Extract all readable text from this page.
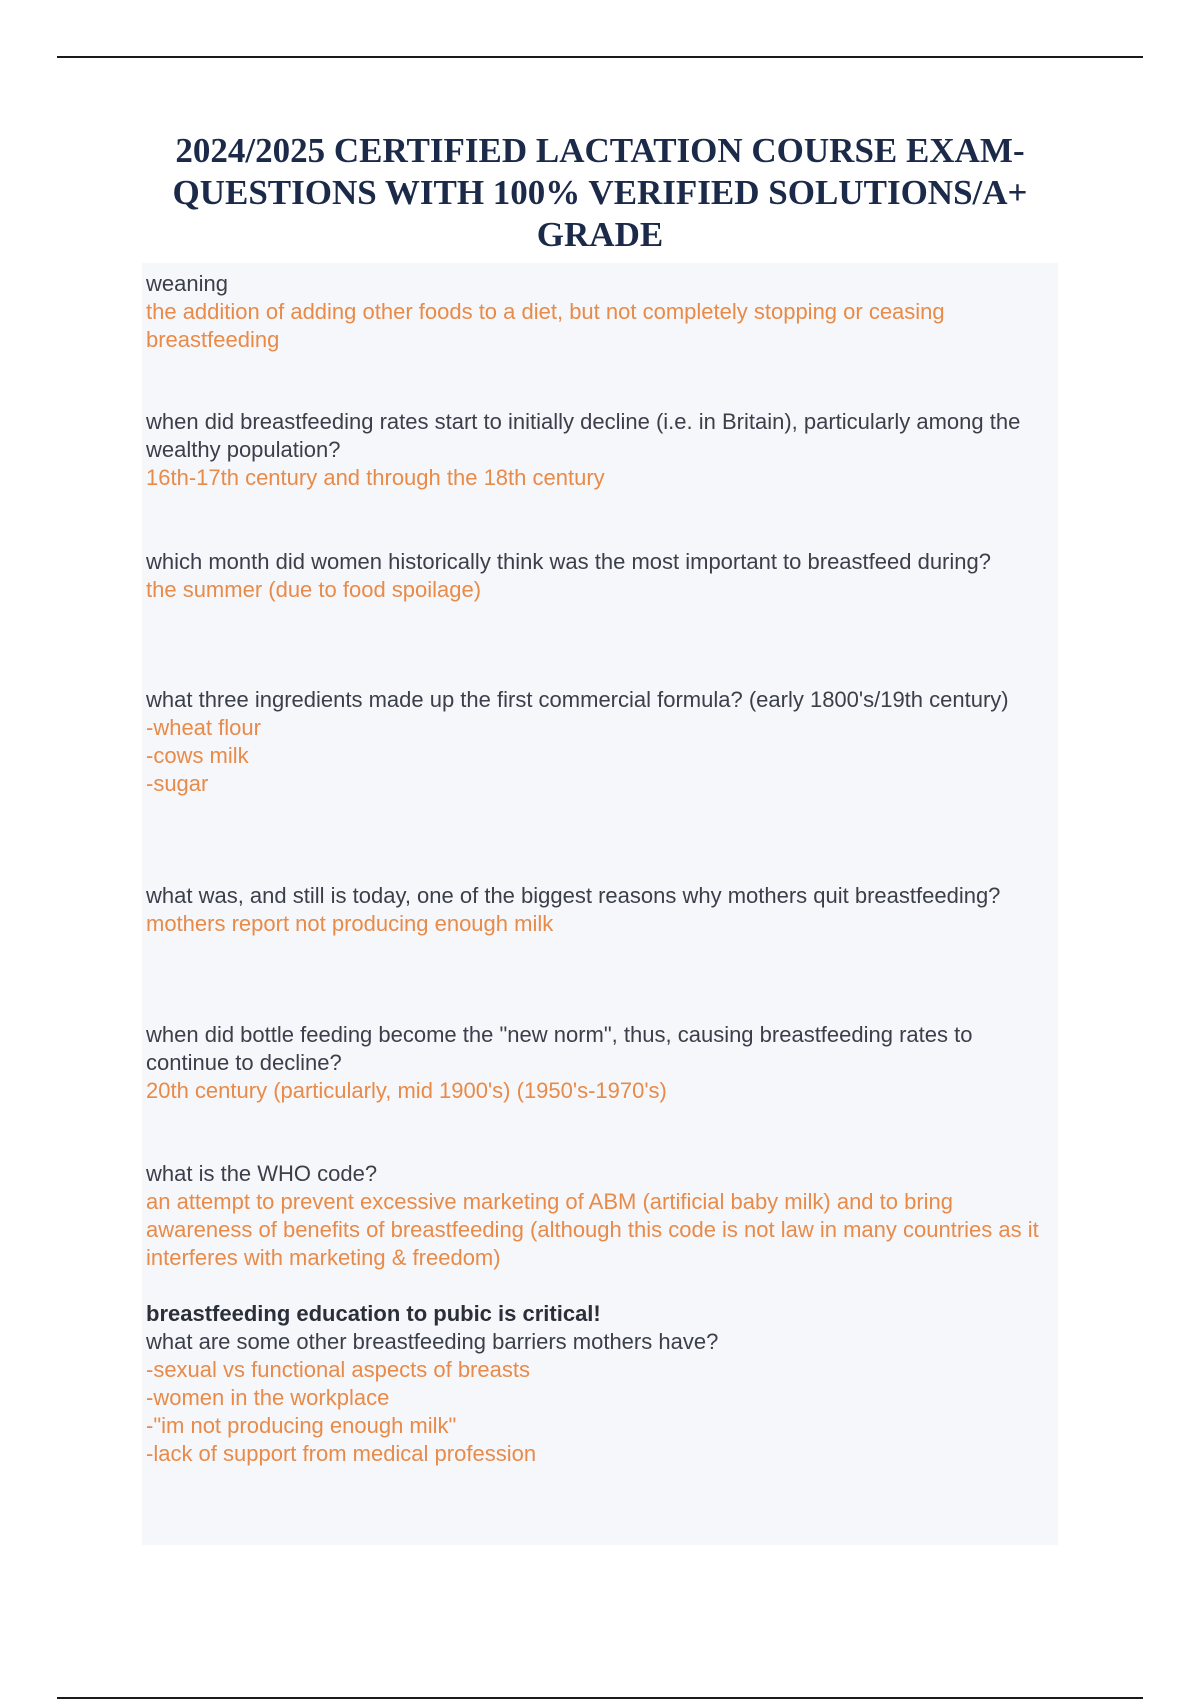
2024/2025 CERTIFIED LACTATION COURSE EXAM-QUESTIONS WITH 100% VERIFIED SOLUTIONS/A+ GRADE

weaning

the addition of adding other foods to a diet, but not completely stopping or ceasing breastfeeding

when did breastfeeding rates start to initially decline (i.e. in Britain), particularly among the wealthy population?

16th-17th century and through the 18th century

which month did women historically think was the most important to breastfeed during?

the summer (due to food spoilage)

what three ingredients made up the first commercial formula? (early 1800's/19th century)

-wheat flour
-cows milk
-sugar

what was, and still is today, one of the biggest reasons why mothers quit breastfeeding?

mothers report not producing enough milk

when did bottle feeding become the "new norm", thus, causing breastfeeding rates to continue to decline?

20th century (particularly, mid 1900's) (1950's-1970's)

what is the WHO code?

an attempt to prevent excessive marketing of ABM (artificial baby milk) and to bring awareness of benefits of breastfeeding (although this code is not law in many countries as it interferes with marketing & freedom)

breastfeeding education to pubic is critical!

what are some other breastfeeding barriers mothers have?

-sexual vs functional aspects of breasts
-women in the workplace
-"im not producing enough milk"
-lack of support from medical profession
